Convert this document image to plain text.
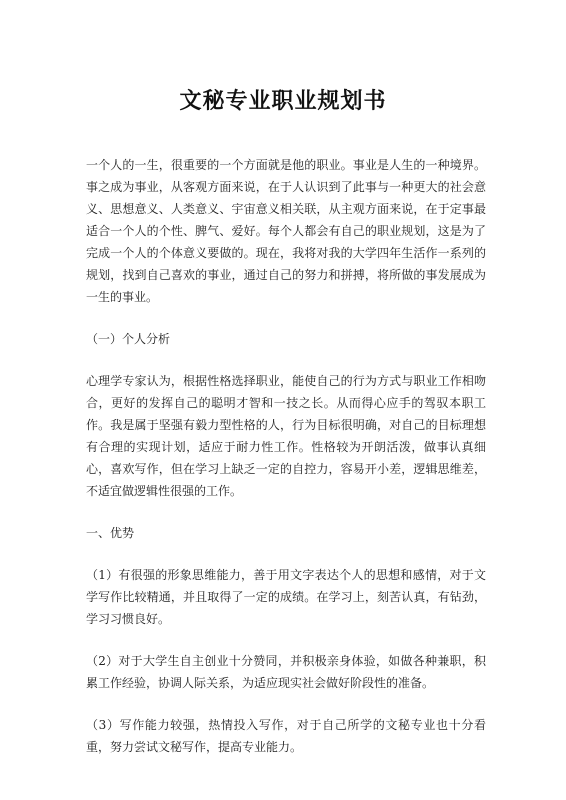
文秘专业职业规划书

一个人的一生，很重要的一个方面就是他的职业。事业是人生的一种境界。事之成为事业，从客观方面来说，在于人认识到了此事与一种更大的社会意义、思想意义、人类意义、宇宙意义相关联，从主观方面来说，在于定事最适合一个人的个性、脾气、爱好。每个人都会有自己的职业规划，这是为了完成一个人的个体意义要做的。现在，我将对我的大学四年生活作一系列的规划，找到自己喜欢的事业，通过自己的努力和拼搏，将所做的事发展成为一生的事业。

（一）个人分析

心理学专家认为，根据性格选择职业，能使自己的行为方式与职业工作相吻合，更好的发挥自己的聪明才智和一技之长。从而得心应手的驾驭本职工作。我是属于坚强有毅力型性格的人，行为目标很明确，对自己的目标理想有合理的实现计划，适应于耐力性工作。性格较为开朗活泼，做事认真细心，喜欢写作，但在学习上缺乏一定的自控力，容易开小差，逻辑思维差，不适宜做逻辑性很强的工作。

一、优势

（1）有很强的形象思维能力，善于用文字表达个人的思想和感情，对于文学写作比较精通，并且取得了一定的成绩。在学习上，刻苦认真，有钻劲，学习习惯良好。

（2）对于大学生自主创业十分赞同，并积极亲身体验，如做各种兼职，积累工作经验，协调人际关系，为适应现实社会做好阶段性的准备。

（3）写作能力较强，热情投入写作，对于自己所学的文秘专业也十分看重，努力尝试文秘写作，提高专业能力。
